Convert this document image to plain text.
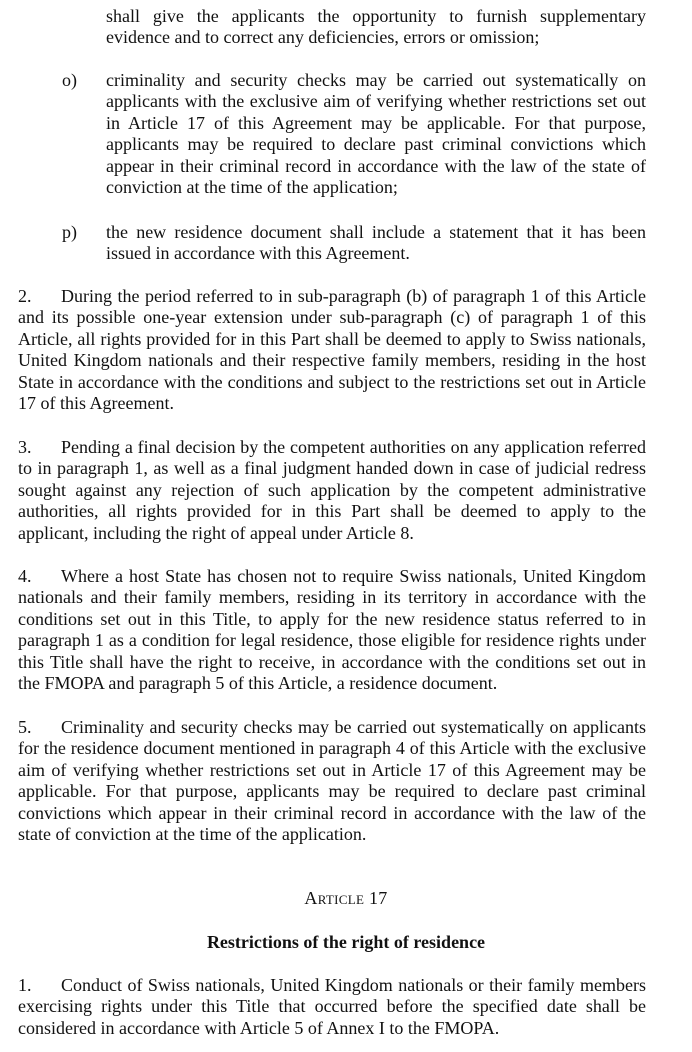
shall give the applicants the opportunity to furnish supplementary evidence and to correct any deficiencies, errors or omission;

o) criminality and security checks may be carried out systematically on applicants with the exclusive aim of verifying whether restrictions set out in Article 17 of this Agreement may be applicable. For that purpose, applicants may be required to declare past criminal convictions which appear in their criminal record in accordance with the law of the state of conviction at the time of the application;

p) the new residence document shall include a statement that it has been issued in accordance with this Agreement.

2. During the period referred to in sub-paragraph (b) of paragraph 1 of this Article and its possible one-year extension under sub-paragraph (c) of paragraph 1 of this Article, all rights provided for in this Part shall be deemed to apply to Swiss nationals, United Kingdom nationals and their respective family members, residing in the host State in accordance with the conditions and subject to the restrictions set out in Article 17 of this Agreement.

3. Pending a final decision by the competent authorities on any application referred to in paragraph 1, as well as a final judgment handed down in case of judicial redress sought against any rejection of such application by the competent administrative authorities, all rights provided for in this Part shall be deemed to apply to the applicant, including the right of appeal under Article 8.

4. Where a host State has chosen not to require Swiss nationals, United Kingdom nationals and their family members, residing in its territory in accordance with the conditions set out in this Title, to apply for the new residence status referred to in paragraph 1 as a condition for legal residence, those eligible for residence rights under this Title shall have the right to receive, in accordance with the conditions set out in the FMOPA and paragraph 5 of this Article, a residence document.

5. Criminality and security checks may be carried out systematically on applicants for the residence document mentioned in paragraph 4 of this Article with the exclusive aim of verifying whether restrictions set out in Article 17 of this Agreement may be applicable. For that purpose, applicants may be required to declare past criminal convictions which appear in their criminal record in accordance with the law of the state of conviction at the time of the application.

Article 17
Restrictions of the right of residence

1. Conduct of Swiss nationals, United Kingdom nationals or their family members exercising rights under this Title that occurred before the specified date shall be considered in accordance with Article 5 of Annex I to the FMOPA.
